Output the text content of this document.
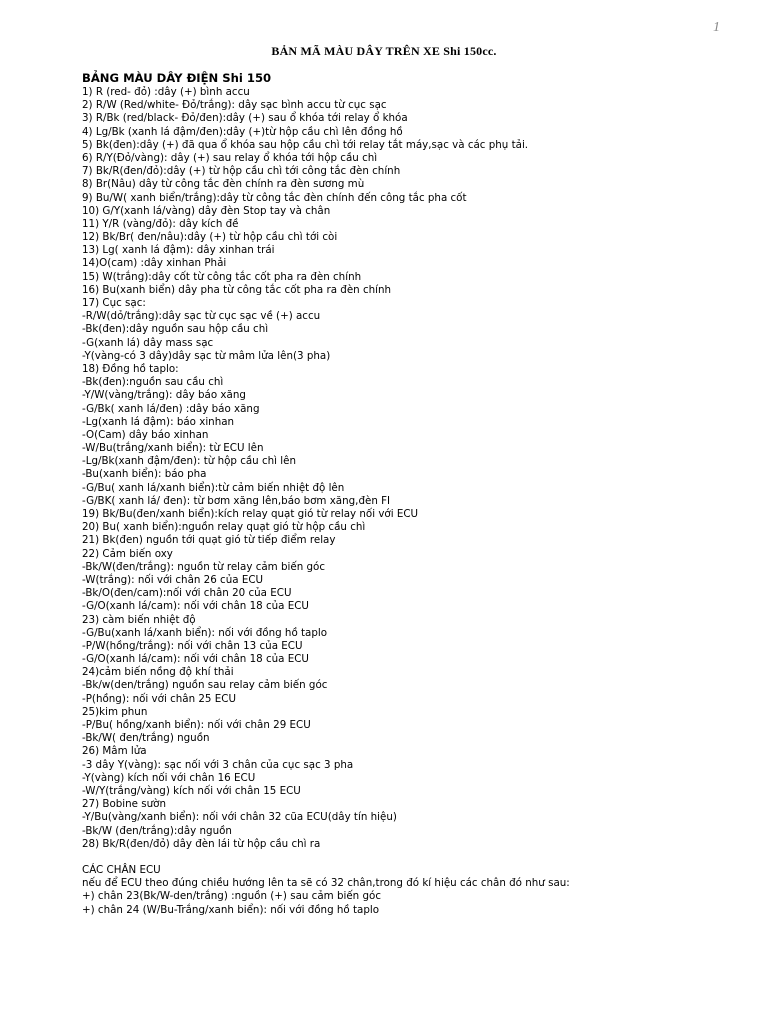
1
BẢN MÃ MÀU DÂY TRÊN XE Shi 150cc.
BẢNG MÀU DÂY ĐIỆN Shi 150
1) R (red- đỏ) :dây (+) bình accu
2) R/W (Red/white- Đỏ/trắng): dây sạc bình accu từ cục sạc
3) R/Bk (red/black- Đỏ/đen):dây (+) sau ổ khóa tới relay ổ khóa
4) Lg/Bk (xanh lá đậm/đen):dây (+)từ hộp cầu chì lên đồng hồ
5) Bk(đen):dây (+) đã qua ổ khóa sau hộp cầu chì tới relay tắt máy,sạc và các phụ tải.
6) R/Y(Đỏ/vàng): dây (+) sau relay ổ khóa tới hộp cầu chì
7) Bk/R(đen/đỏ):dây (+) từ hộp cầu chì tới công tắc đèn chính
8) Br(Nâu) dây từ công tắc đèn chính ra đèn sương mù
9) Bu/W( xanh biển/trắng):dây từ công tắc đèn chính đến công tắc pha cốt
10) G/Y(xanh lá/vàng) dây đèn Stop tay và chân
11) Y/R (vàng/đỏ): dây kích đề
12) Bk/Br( đen/nâu):dây (+) từ hộp cầu chì tới còi
13) Lg( xanh lá đậm): dây xinhan trái
14)O(cam) :dây xinhan Phải
15) W(trắng):dây cốt từ công tắc cốt pha ra đèn chính
16) Bu(xanh biển) dây pha từ công tắc cốt pha ra đèn chính
17) Cục sạc:
-R/W(dỏ/trắng):dây sạc từ cục sạc về (+) accu
-Bk(đen):dây nguồn sau hộp cầu chì
-G(xanh lá) dây mass sạc
-Y(vàng-có 3 dây)dây sạc từ mâm lửa lên(3 pha)
18) Đồng hồ taplo:
-Bk(đen):nguồn sau cầu chì
-Y/W(vàng/trắng): dây báo xăng
-G/Bk( xanh lá/đen) :dây báo xăng
-Lg(xanh lá đậm): báo xinhan
-O(Cam) dây báo xinhan
-W/Bu(trắng/xanh biển): từ ECU lên
-Lg/Bk(xanh đậm/đen): từ hộp cầu chì lên
-Bu(xanh biển): báo pha
-G/Bu( xanh lá/xanh biển):từ cảm biến nhiệt độ lên
-G/BK( xanh lá/ đen): từ bơm xăng lên,báo bơm xăng,đèn FI
19) Bk/Bu(đen/xanh biển):kích relay quạt gió từ relay nối với ECU
20) Bu( xanh biển):nguồn relay quạt gió từ hộp cầu chì
21) Bk(đen) nguồn tới quạt gió từ tiếp điểm relay
22) Cảm biến oxy
-Bk/W(đen/trắng): nguồn từ relay cảm biến góc
-W(trắng): nối với chân 26 của ECU
-Bk/O(đen/cam):nối với chân 20 của ECU
-G/O(xanh lá/cam): nối với chân 18 của ECU
23) càm biến nhiệt độ
-G/Bu(xanh lá/xanh biển): nối với đồng hồ taplo
-P/W(hồng/trắng): nối với chân 13 của ECU
-G/O(xanh lá/cam): nối với chân 18 của ECU
24)cảm biến nồng độ khí thải
-Bk/w(den/trắng) nguồn sau relay cảm biến góc
-P(hồng): nối với chân 25 ECU
25)kim phun
-P/Bu( hồng/xanh biển): nối với chân 29 ECU
-Bk/W( đen/trắng) nguồn
26) Mâm lửa
-3 dây Y(vàng): sạc nối với 3 chân của cục sạc 3 pha
-Y(vàng) kích nối với chân 16 ECU
-W/Y(trắng/vàng) kích nối với chân 15 ECU
27) Bobine sườn
-Y/Bu(vàng/xanh biển): nối với chân 32 cũa ECU(dây tín hiệu)
-Bk/W (đen/trắng):dây nguồn
28) Bk/R(đen/đỏ) dây đèn lái từ hộp cầu chì ra
CÁC CHÂN ECU
nếu để ECU theo đúng chiều hướng lên ta sẽ có 32 chân,trong đó kí hiệu các chân đó như sau:
+) chân 23(Bk/W-den/trắng) :nguồn (+) sau cảm biến góc
+) chân 24 (W/Bu-Trắng/xanh biển): nối với đồng hồ taplo
